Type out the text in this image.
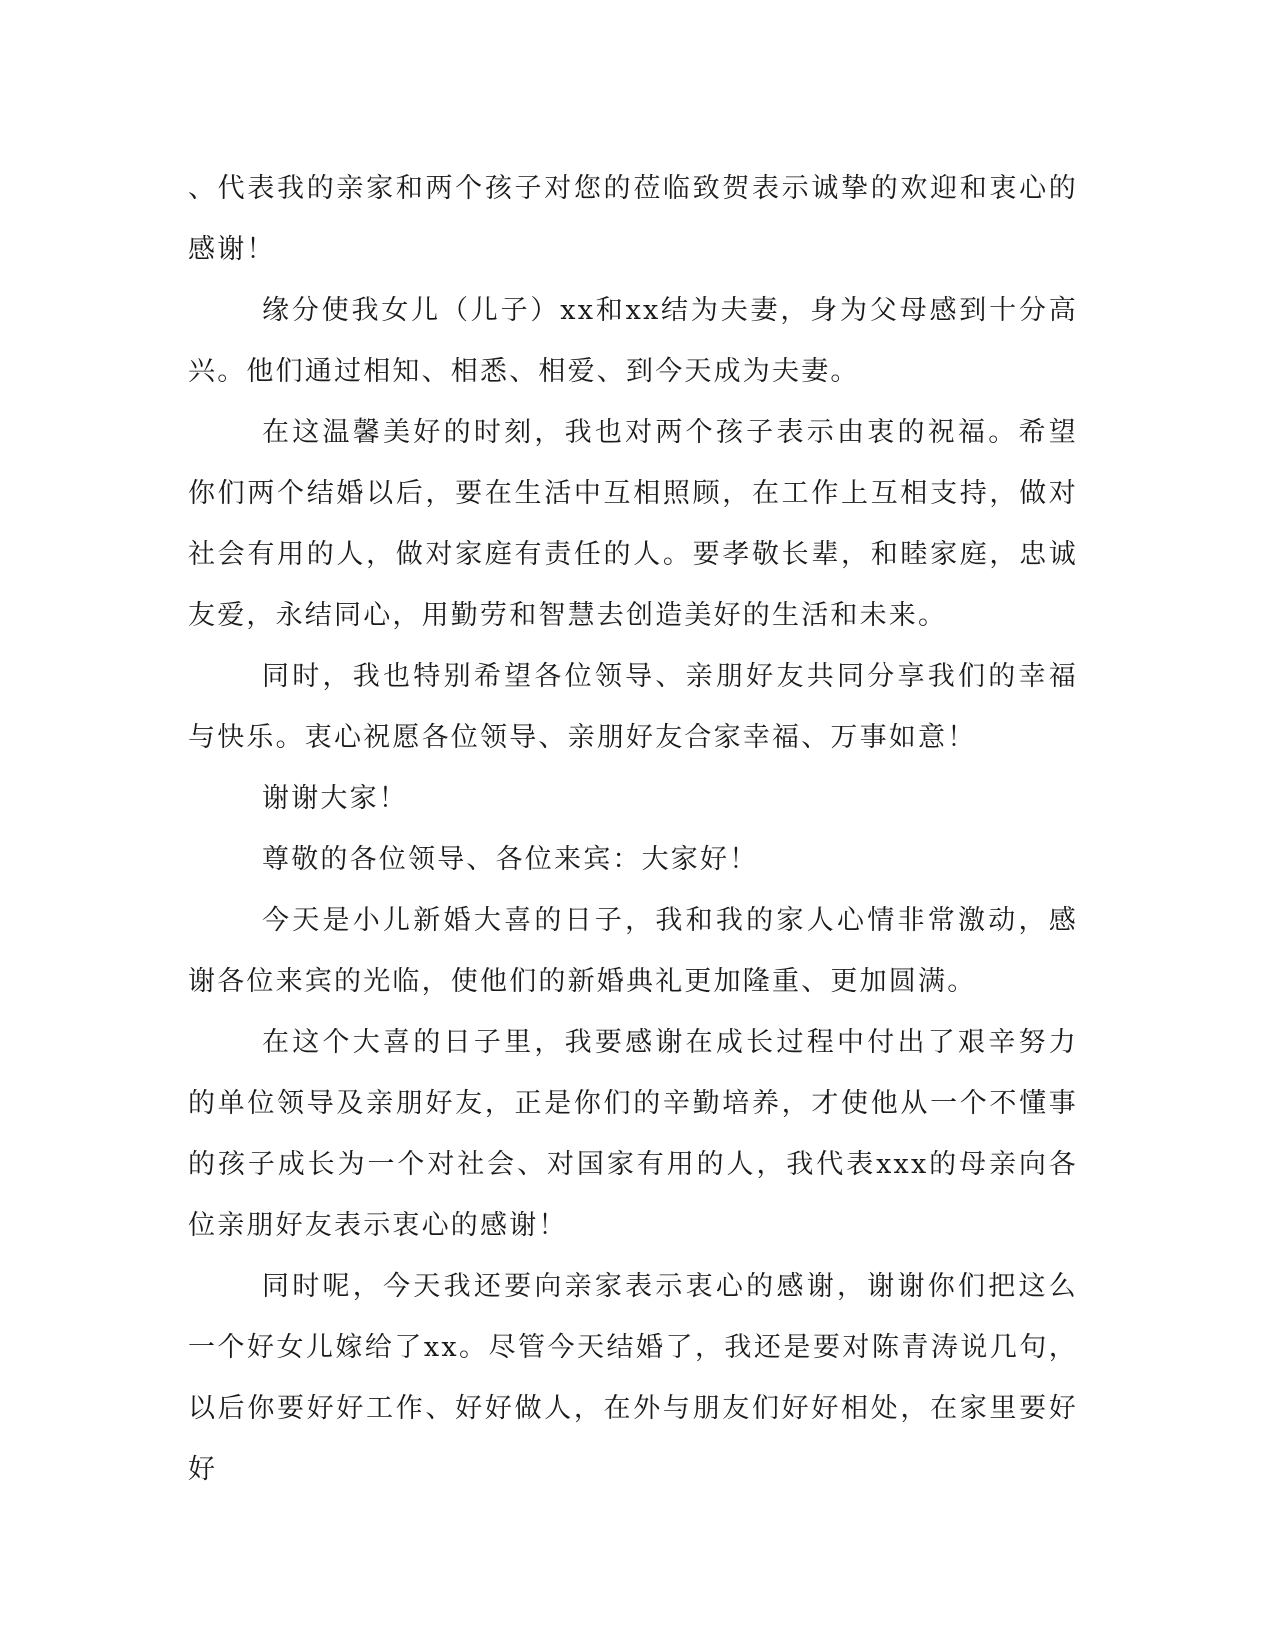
、代表我的亲家和两个孩子对您的莅临致贺表示诚挚的欢迎和衷心的感谢！

缘分使我女儿（儿子）xx和xx结为夫妻，身为父母感到十分高兴。他们通过相知、相悉、相爱、到今天成为夫妻。

在这温馨美好的时刻，我也对两个孩子表示由衷的祝福。希望你们两个结婚以后，要在生活中互相照顾，在工作上互相支持，做对社会有用的人，做对家庭有责任的人。要孝敬长辈，和睦家庭，忠诚友爱，永结同心，用勤劳和智慧去创造美好的生活和未来。

同时，我也特别希望各位领导、亲朋好友共同分享我们的幸福与快乐。衷心祝愿各位领导、亲朋好友合家幸福、万事如意！

谢谢大家！

尊敬的各位领导、各位来宾：大家好！

今天是小儿新婚大喜的日子，我和我的家人心情非常激动，感谢各位来宾的光临，使他们的新婚典礼更加隆重、更加圆满。

在这个大喜的日子里，我要感谢在成长过程中付出了艰辛努力的单位领导及亲朋好友，正是你们的辛勤培养，才使他从一个不懂事的孩子成长为一个对社会、对国家有用的人，我代表xxx的母亲向各位亲朋好友表示衷心的感谢！

同时呢，今天我还要向亲家表示衷心的感谢，谢谢你们把这么一个好女儿嫁给了xx。尽管今天结婚了，我还是要对陈青涛说几句，以后你要好好工作、好好做人，在外与朋友们好好相处，在家里要好好
